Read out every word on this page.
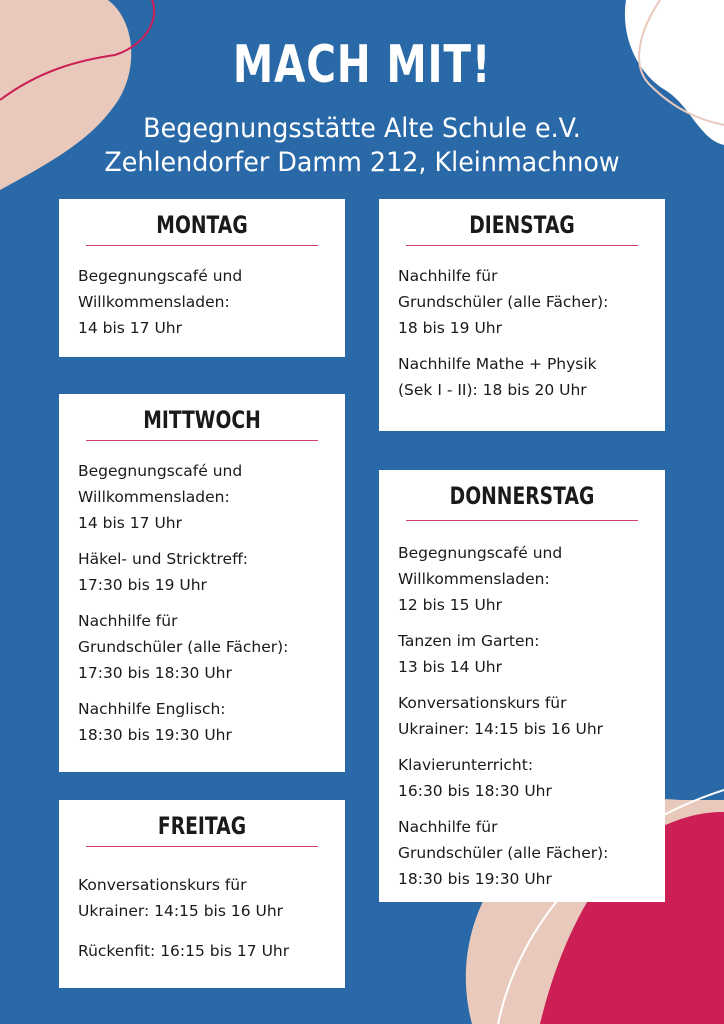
MACH MIT!
Begegnungsstätte Alte Schule e.V.
Zehlendorfer Damm 212, Kleinmachnow
MONTAG

Begegnungscafé und
Willkommensladen:
14 bis 17 Uhr

DIENSTAG

Nachhilfe für
Grundschüler (alle Fächer):
18 bis 19 Uhr

Nachhilfe Mathe + Physik
(Sek I - II): 18 bis 20 Uhr

MITTWOCH

Begegnungscafé und
Willkommensladen:
14 bis 17 Uhr

Häkel- und Stricktreff:
17:30 bis 19 Uhr

Nachhilfe für
Grundschüler (alle Fächer):
17:30 bis 18:30 Uhr

Nachhilfe Englisch:
18:30 bis 19:30 Uhr

DONNERSTAG

Begegnungscafé und
Willkommensladen:
12 bis 15 Uhr

Tanzen im Garten:
13 bis 14 Uhr

Konversationskurs für
Ukrainer: 14:15 bis 16 Uhr

Klavierunterricht:
16:30 bis 18:30 Uhr

Nachhilfe für
Grundschüler (alle Fächer):
18:30 bis 19:30 Uhr

FREITAG

Konversationskurs für
Ukrainer: 14:15 bis 16 Uhr

Rückenfit: 16:15 bis 17 Uhr
